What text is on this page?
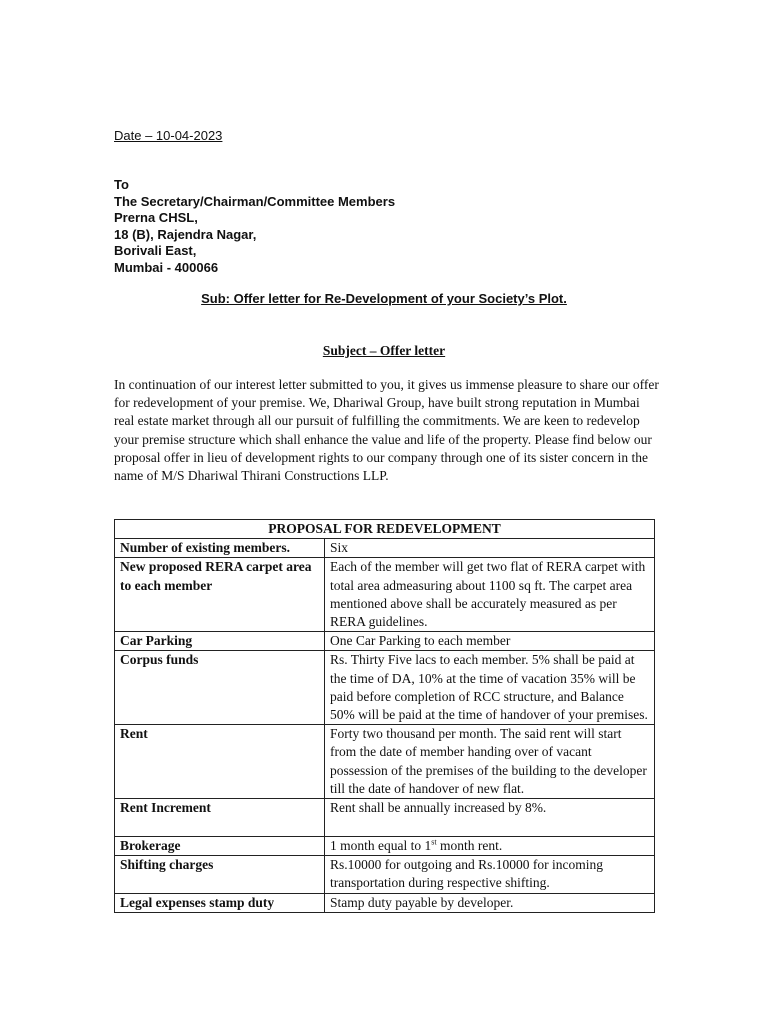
Date – 10-04-2023
To
The Secretary/Chairman/Committee Members
Prerna CHSL,
18 (B), Rajendra Nagar,
Borivali East,
Mumbai - 400066
Sub: Offer letter for Re-Development of your Society’s Plot.
Subject – Offer letter
In continuation of our interest letter submitted to you, it gives us immense pleasure to share our offer for redevelopment of your premise. We, Dhariwal Group, have built strong reputation in Mumbai real estate market through all our pursuit of fulfilling the commitments. We are keen to redevelop your premise structure which shall enhance the value and life of the property. Please find below our proposal offer in lieu of development rights to our company through one of its sister concern in the name of M/S Dhariwal Thirani Constructions LLP.
PROPOSAL FOR REDEVELOPMENT	
Number of existing members.	Six
New proposed RERA carpet area to each member	Each of the member will get two flat of RERA carpet with total area admeasuring about 1100 sq ft. The carpet area mentioned above shall be accurately measured as per RERA guidelines.
Car Parking	One Car Parking to each member
Corpus funds	Rs. Thirty Five lacs to each member. 5% shall be paid at the time of DA, 10% at the time of vacation 35% will be paid before completion of RCC structure, and Balance 50% will be paid at the time of handover of your premises.
Rent	Forty two thousand per month. The said rent will start from the date of member handing over of vacant possession of the premises of the building to the developer till the date of handover of new flat.
Rent Increment	Rent shall be annually increased by 8%.
Brokerage	1 month equal to 1st month rent.
Shifting charges	Rs.10000 for outgoing and Rs.10000 for incoming transportation during respective shifting.
Legal expenses stamp duty	Stamp duty payable by developer.
